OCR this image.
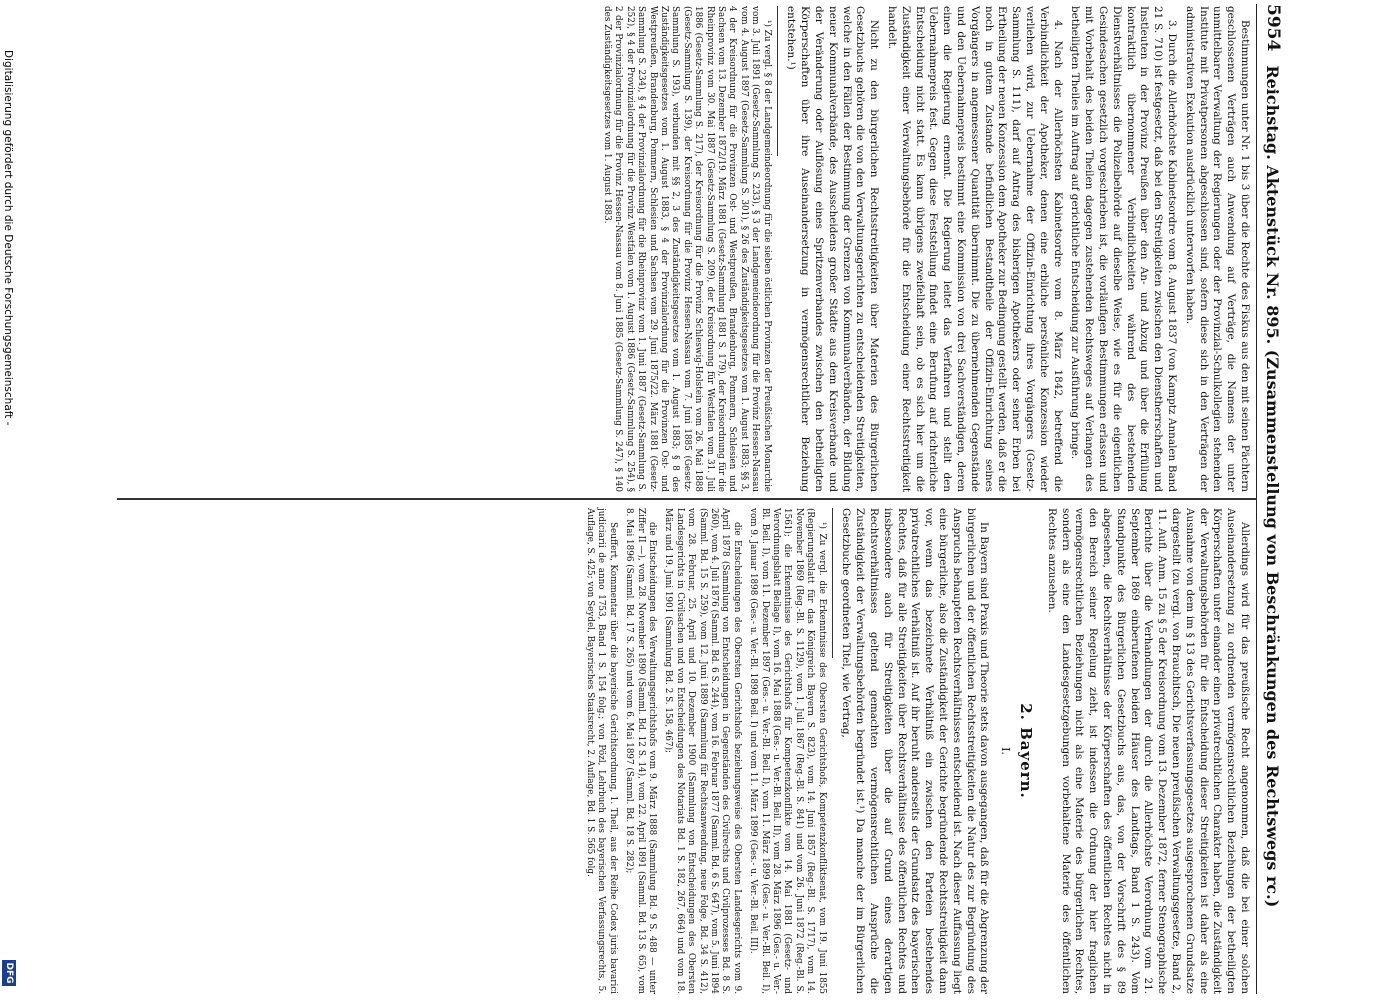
5954
Reichstag. Aktenstück Nr. 895. (Zusammenstellung von Beschränkungen des Rechtswegs rc.)

Bestimmungen unter Nr. 1 bis 3 über die Rechte des Fiskus aus den mit seinen Pächtern geschlossenen Verträgen auch Anwendung auf Verträge, die Namens der unter unmittelbarer Verwaltung der Regierungen oder der Provinzial-Schulkollegien stehenden Institute mit Privatpersonen abgeschlossen sind, sofern diese sich in den Verträgen der administrativen Exekution ausdrücklich unterworfen haben.

3. Durch die Allerhöchste Kabinetsordre vom 8. August 1837 (von Kamptz Annalen Band 21 S. 710) ist festgesetzt, daß bei den Streitigkeiten zwischen den Dienstherrschaften und Instleuten in der Provinz Preußen über den An- und Abzug und über die Erfüllung kontraktlich übernommener Verbindlichkeiten während des bestehenden Dienstverhältnisses die Polizeibehörde auf dieselbe Weise, wie es für die eigentlichen Gesindesachen gesetzlich vorgeschrieben ist, die vorläufigen Bestimmungen erlassen und mit Vorbehalt des beiden Theilen dagegen zustehenden Rechtsweges auf Verlangen des betheiligten Theiles im Auftrag auf gerichtliche Entscheidung zur Ausführung bringe.

4. Nach der Allerhöchsten Kabinetsordre vom 8. März 1842, betreffend die Verbindlichkeit der Apotheker, denen eine erbliche persönliche Konzession wieder verliehen wird, zur Uebernahme der Offizin-Einrichtung ihres Vorgängers (Gesetz-Sammlung S. 111), darf auf Antrag des bisherigen Apothekers oder seiner Erben bei Ertheilung der neuen Konzession dem Apotheker zur Bedingung gestellt werden, daß er die noch in gutem Zustande befindlichen Bestandtheile der Offizin-Einrichtung seines Vorgängers in angemessener Quantität übernimmt. Die zu übernehmenden Gegenstände und den Uebernahmepreis bestimmt eine Kommission von drei Sachverständigen, deren einen die Regierung ernennt. Die Regierung leitet das Verfahren und stellt den Uebernahmepreis fest. Gegen diese Feststellung findet eine Berufung auf richterliche Entscheidung nicht statt. Es kann übrigens zweifelhaft sein, ob es sich hier um die Zuständigkeit einer Verwaltungsbehörde für die Entscheidung einer Rechtsstreitigkeit handelt.

Nicht zu den bürgerlichen Rechtsstreitigkeiten über Materien des Bürgerlichen Gesetzbuchs gehören die von den Verwaltungsgerichten zu entscheidenden Streitigkeiten, welche in den Fällen der Bestimmung der Grenzen von Kommunalverbänden, der Bildung neuer Kommunalverbände, des Ausscheidens großer Städte aus dem Kreisverbande und der Veränderung oder Auflösung eines Spritzenverbandes zwischen den betheiligten Körperschaften über ihre Auseinandersetzung in vermögensrechtlicher Beziehung entstehen.¹)

¹) Zu vergl. § 8 der Landgemeindeordnung für die sieben östlichen Provinzen der Preußischen Monarchie vom 3. Juli 1891 (Gesetz-Sammlung S. 233), § 3 der Landgemeindeordnung für die Provinz Hessen-Nassau vom 4. August 1897 (Gesetz-Sammlung S. 301), § 26 des Zuständigkeitsgesetzes vom 1. August 1883; §§ 3, 4 der Kreisordnung für die Provinzen Ost- und Westpreußen, Brandenburg, Pommern, Schlesien und Sachsen vom 13. Dezember 1872/19. März 1881 (Gesetz-Sammlung 1881 S. 179), der Kreisordnung für die Rheinprovinz vom 30. Mai 1887 (Gesetz-Sammlung S. 209), der Kreisordnung für Westfalen vom 31. Juli 1886 (Gesetz-Sammlung S. 217), der Kreisordnung für die Provinz Schleswig-Holstein vom 26. Mai 1888 (Gesetz-Sammlung S. 139), der Kreisordnung für die Provinz Hessen-Nassau vom 7. Juni 1885 (Gesetz-Sammlung S. 193), verbunden mit §§ 2, 3 des Zuständigkeitsgesetzes vom 1. August 1883; § 8 des Zuständigkeitsgesetzes vom 1. August 1883, § 4 der Provinzialordnung für die Provinzen Ost- und Westpreußen, Brandenburg, Pommern, Schlesien und Sachsen vom 29. Juni 1875/22. März 1881 (Gesetz-Sammlung S. 234), § 4 der Provinzialordnung für die Rheinprovinz vom 1. Juni 1887 (Gesetz-Sammlung S. 252), § 4 der Provinzialordnung für die Provinz Westfalen vom 1. August 1886 (Gesetz-Sammlung S. 254), § 2 der Provinzialordnung für die Provinz Hessen-Nassau vom 8. Juni 1885 (Gesetz-Sammlung S. 247), § 140 des Zuständigkeitsgesetzes vom 1. August 1883.

Allerdings wird für das preußische Recht angenommen, daß die bei einer solchen Auseinandersetzung zu ordnenden vermögensrechtlichen Beziehungen der betheiligten Körperschaften unter einander einen privatrechtlichen Charakter haben, die Zuständigkeit der Verwaltungsbehörden für die Entscheidung dieser Streitigkeiten ist daher als eine Ausnahme von dem im § 13 des Gerichtsverfassungsgesetzes ausgesprochenen Grundsatze dargestellt (zu vergl. von Brauchitsch, Die neuen preußischen Verwaltungsgesetze, Band 2, 11. Aufl. Anm. 15 zu § 5 der Kreisordnung vom 13. Dezember 1872, ferner Stenographische Berichte über die Verhandlungen der durch die Allerhöchste Verordnung vom 21. September 1869 einberufenen beiden Häuser des Landtags, Band 1 S. 243). Vom Standpunkte des Bürgerlichen Gesetzbuchs aus, das, von der Vorschrift des § 89 abgesehen, die Rechtsverhältnisse der Körperschaften des öffentlichen Rechtes nicht in den Bereich seiner Regelung zieht, ist indessen die Ordnung der hier fraglichen vermögensrechtlichen Beziehungen nicht als eine Materie des bürgerlichen Rechtes, sondern als eine den Landesgesetzgebungen vorbehaltene Materie des öffentlichen Rechtes anzusehen.

2. Bayern.
I.

In Bayern sind Praxis und Theorie stets davon ausgegangen, daß für die Abgrenzung der bürgerlichen und der öffentlichen Rechtsstreitigkeiten die Natur des zur Begründung des Anspruchs behaupteten Rechtsverhältnisses entscheidend ist. Nach dieser Auffassung liegt eine bürgerliche, also die Zuständigkeit der Gerichte begründende Rechtsstreitigkeit dann vor, wenn das bezeichnete Verhältniß ein zwischen den Parteien bestehendes privatrechtliches Verhältniß ist. Auf ihr beruht anderseits der Grundsatz des bayerischen Rechtes, daß für alle Streitigkeiten über Rechtsverhältnisse des öffentlichen Rechtes und insbesondere auch für Streitigkeiten über die auf Grund eines derartigen Rechtsverhältnisses geltend gemachten vermögensrechtlichen Ansprüche die Zuständigkeit der Verwaltungsbehörden begründet ist.¹) Da manche der im Bürgerlichen Gesetzbuche geordneten Titel, wie Vertrag,

¹) Zu vergl. die Erkenntnisse des Obersten Gerichtshofs, Kompetenzkonfliktsenat, vom 19. Juni 1855 (Regierungsblatt für das Königreich Bayern S. 823), vom 14. Juni 1857 (Reg.-Bl. S. 1717), vom 14. November 1869 (Reg.-Bl. S. 1129), vom 1. Juli 1867 (Reg.-Bl. S. 841) und vom 26. Juni 1872 (Reg.-Bl. S. 1561); die Erkenntnisse des Gerichtshofs für Kompetenzkonflikte vom 14. Mai 1881 (Gesetz- und Verordnungsblatt Beilage I), vom 16. Mai 1888 (Ges.- u. Ver.-Bl. Beil. II), vom 28. März 1896 (Ges.- u. Ver.-Bl. Beil. I), vom 11. Dezember 1897 (Ges.- u. Ver.-Bl. Beil. I), vom 11. März 1899 (Ges.- u. Ver.-Bl. Beil. I), vom 9. Januar 1898 (Ges.- u. Ver.-Bl. 1898 Beil. I) und vom 11. März 1899 (Ges.- u. Ver.-Bl. Beil. III).

die Entscheidungen des Obersten Gerichtshofs beziehungsweise des Obersten Landesgerichts vom 9. April 1878 (Sammlung von Entscheidungen in Gegenständen des Civilrechts und Civilprozesses Bd. 8 S. 260), vom 4. Juli 1876 (Samml. Bd. 6 S. 244), vom 16. Februar 1877 (Samml. Bd. 6 S. 647), vom 5. Juni 1894 (Samml. Bd. 15 S. 259), vom 12. Juni 1889 (Sammlung für Rechtsanwendung, neue Folge, Bd. 34 S. 412), vom 28. Februar, 25. April und 10. Dezember 1900 (Sammlung von Entscheidungen des Obersten Landesgerichts in Civilsachen und von Entscheidungen des Notariats Bd. 1 S. 182, 267, 664) und vom 18. März und 19. Juni 1901 (Sammlung Bd. 2 S. 158, 467);

die Entscheidungen des Verwaltungsgerichtshofs vom 9. März 1888 (Sammlung Bd. 9 S. 488 — unter Ziffer II —), vom 28. November 1890 (Samml. Bd. 12 S. 14), vom 22. April 1891 (Samml. Bd. 13 S. 65), vom 8. Mai 1896 (Samml. Bd. 17 S. 265) und vom 6. Mai 1897 (Samml. Bd. 18 S. 282);

Seuffert, Kommentar über die bayerische Gerichtsordnung, 1. Theil, aus der Reihe Codex juris bavarici judiciarii de anno 1753, Band 1 S. 154 folg.; von Pözl, Lehrbuch des bayerischen Verfassungsrechts, 5. Auflage, S. 425; von Seydel, Bayerisches Staatsrecht, 2. Auflage, Bd. 1 S. 565 folg.

Digitalisierung gefördert durch die Deutsche Forschungsgemeinschaft -
DFG
